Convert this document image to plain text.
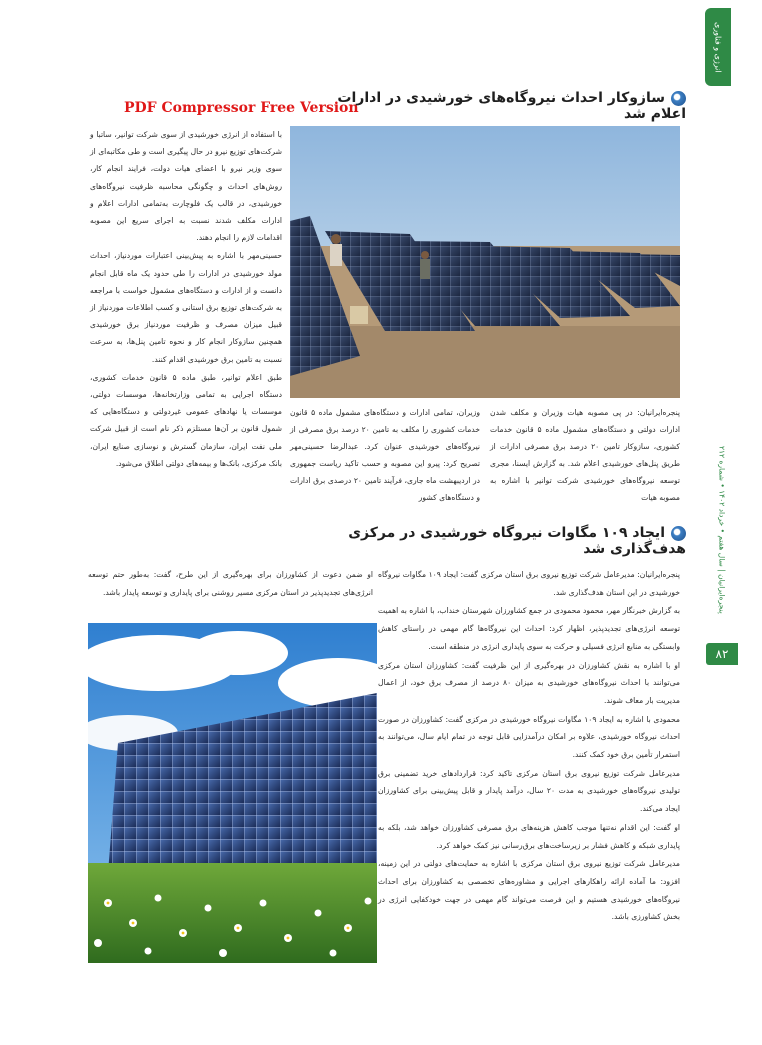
انرژی و فناوری
پنجره‌ایرانیان | سال هفتم • خرداد ۱۴۰۲ • شماره ۲۱۲
۸۲
PDF Compressor Free Version
سازوکار احداث نیروگاه‌های خورشیدی در ادارات اعلام شد

با استفاده از انرژی خورشیدی از سوی شرکت توانیر، ساتبا و شرکت‌های توزیع نیرو در حال پیگیری است و طی مکاتبه‌ای از سوی وزیر نیرو با اعضای هیات دولت، فرایند انجام کار، روش‌های احداث و چگونگی محاسبه ظرفیت نیروگاه‌های خورشیدی، در قالب یک فلوچارت به‌تمامی ادارات اعلام و ادارات مکلف شدند نسبت به اجرای سریع این مصوبه اقدامات لازم را انجام دهند.

حسینی‌مهر با اشاره به پیش‌بینی اعتبارات موردنیاز، احداث مولد خورشیدی در ادارات را طی حدود یک ماه قابل انجام دانست و از ادارات و دستگاه‌های مشمول خواست با مراجعه به شرکت‌های توزیع برق استانی و کسب اطلاعات موردنیاز از قبیل میزان مصرف و ظرفیت موردنیاز برق خورشیدی همچنین سازوکار انجام کار و نحوه تامین پنل‌ها، به سرعت نسبت به تامین برق خورشیدی اقدام کنند.

طبق اعلام توانیر، طبق ماده ۵ قانون خدمات کشوری، دستگاه اجرایی به تمامی وزارتخانه‌ها، موسسات دولتی، موسسات یا نهادهای عمومی غیردولتی و دستگاه‌هایی که شمول قانون بر آن‌ها مستلزم ذکر نام است از قبیل شرکت ملی نفت ایران، سازمان گسترش و نوسازی صنایع ایران، بانک مرکزی، بانک‌ها و بیمه‌های دولتی اطلاق می‌شود.

پنجره‌ایرانیان: در پی مصوبه هیات وزیران و مکلف شدن ادارات دولتی و دستگاه‌های مشمول ماده ۵ قانون خدمات کشوری، سازوکار تامین ۲۰ درصد برق مصرفی ادارات از طریق پنل‌های خورشیدی اعلام شد. به گزارش ایسنا، مجری توسعه نیروگاه‌های خورشیدی شرکت توانیر با اشاره به مصوبه هیات
وزیران، تمامی ادارات و دستگاه‌های مشمول ماده ۵ قانون خدمات کشوری را مکلف به تامین ۲۰ درصد برق مصرفی از نیروگاه‌های خورشیدی عنوان کرد. عبدالرضا حسینی‌مهر تصریح کرد: پیرو این مصوبه و حسب تاکید ریاست جمهوری در اردیبهشت ماه جاری، فرآیند تامین ۲۰ درصدی برق ادارات و دستگاه‌های کشور
ایجاد ۱۰۹ مگاوات نیروگاه خورشیدی در مرکزی هدف‌گذاری شد

پنجره‌ایرانیان: مدیرعامل شرکت توزیع نیروی برق استان مرکزی گفت: ایجاد ۱۰۹ مگاوات نیروگاه خورشیدی در این استان هدف‌گذاری شد.

به گزارش خبرنگار مهر، محمود محمودی در جمع کشاورزان شهرستان خنداب، با اشاره به اهمیت توسعه انرژی‌های تجدیدپذیر، اظهار کرد: احداث این نیروگاه‌ها گام مهمی در راستای کاهش وابستگی به منابع انرژی فسیلی و حرکت به سوی پایداری انرژی در منطقه است.

او با اشاره به نقش کشاورزان در بهره‌گیری از این ظرفیت گفت: کشاورزان استان مرکزی می‌توانند با احداث نیروگاه‌های خورشیدی به میزان ۸۰ درصد از مصرف برق خود، از اعمال مدیریت بار معاف شوند.

محمودی با اشاره به ایجاد ۱۰۹ مگاوات نیروگاه خورشیدی در مرکزی گفت: کشاورزان در صورت احداث نیروگاه خورشیدی، علاوه بر امکان درآمدزایی قابل توجه در تمام ایام سال، می‌توانند به استمرار تأمین برق خود کمک کنند.

مدیرعامل شرکت توزیع نیروی برق استان مرکزی تاکید کرد: قراردادهای خرید تضمینی برق تولیدی نیروگاه‌های خورشیدی به مدت ۲۰ سال، درآمد پایدار و قابل پیش‌بینی برای کشاورزان ایجاد می‌کند.

او گفت: این اقدام نه‌تنها موجب کاهش هزینه‌های برق مصرفی کشاورزان خواهد شد، بلکه به پایداری شبکه و کاهش فشار بر زیرساخت‌های برق‌رسانی نیز کمک خواهد کرد.

مدیرعامل شرکت توزیع نیروی برق استان مرکزی با اشاره به حمایت‌های دولتی در این زمینه، افزود: ما آماده ارائه راهکارهای اجرایی و مشاوره‌های تخصصی به کشاورزان برای احداث نیروگاه‌های خورشیدی هستیم و این فرصت می‌تواند گام مهمی در جهت خودکفایی انرژی در بخش کشاورزی باشد.

او ضمن دعوت از کشاورزان برای بهره‌گیری از این طرح، گفت: به‌طور حتم توسعه انرژی‌های تجدیدپذیر در استان مرکزی مسیر روشنی برای پایداری و توسعه پایدار باشد.
